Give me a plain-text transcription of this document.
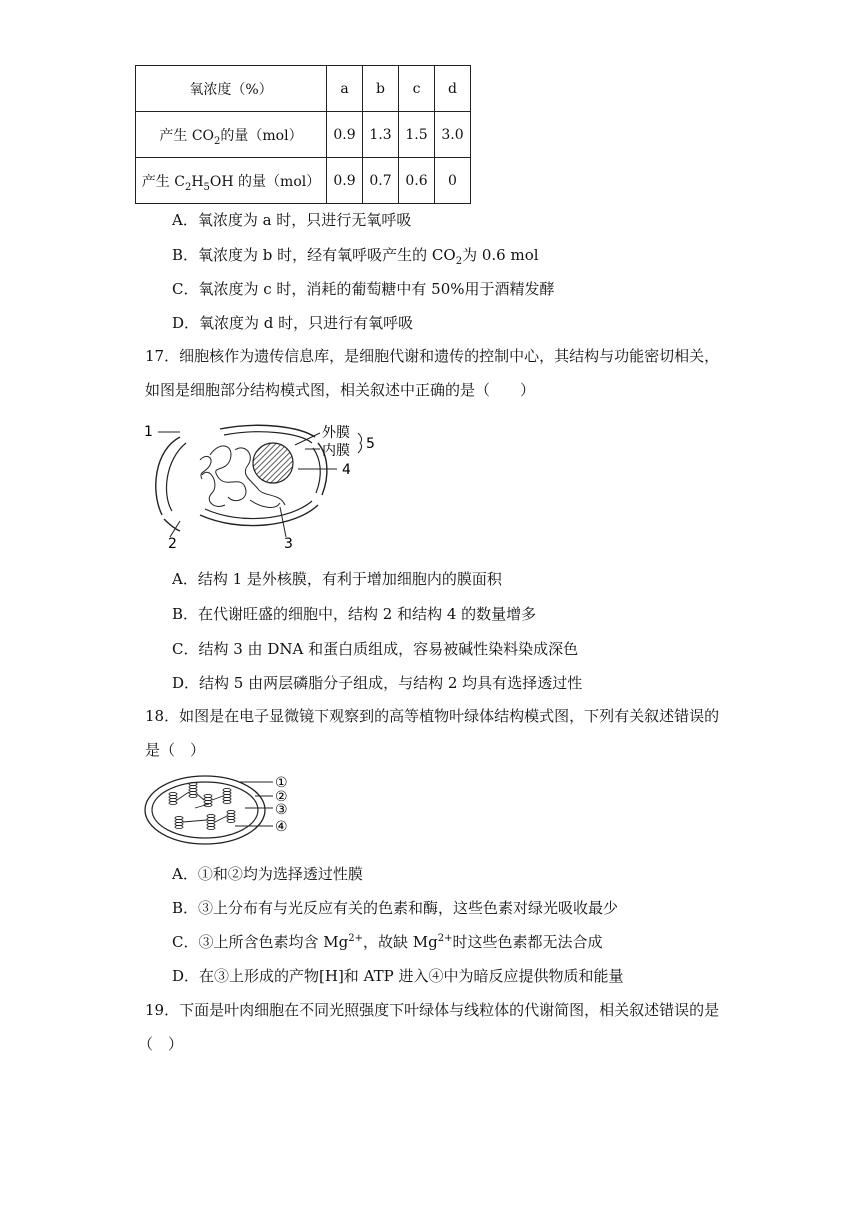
氧浓度（%）	a	b	c	d
产生 $CO_2$的量（mol）	0.9	1.3	1.5	3.0
产生 $C_2H_5OH$ 的量（mol）	0.9	0.7	0.6	0
A．氧浓度为 a 时，只进行无氧呼吸
B．氧浓度为 b 时，经有氧呼吸产生的 $CO_2$为 0.6 mol
C．氧浓度为 c 时，消耗的葡萄糖中有 50%用于酒精发酵
D．氧浓度为 d 时，只进行有氧呼吸
17．细胞核作为遗传信息库，是细胞代谢和遗传的控制中心，其结构与功能密切相关，
如图是细胞部分结构模式图，相关叙述中正确的是（　　）
1
2	3
4
5
外膜
内膜
A．结构 1 是外核膜，有利于增加细胞内的膜面积
B．在代谢旺盛的细胞中，结构 2 和结构 4 的数量增多
C．结构 3 由 DNA 和蛋白质组成，容易被碱性染料染成深色
D．结构 5 由两层磷脂分子组成，与结构 2 均具有选择透过性
18．如图是在电子显微镜下观察到的高等植物叶绿体结构模式图，下列有关叙述错误的
是（　）
①
②
③
④
A．①和②均为选择透过性膜
B．③上分布有与光反应有关的色素和酶，这些色素对绿光吸收最少
C．③上所含色素均含 $Mg^{2+}$，故缺 $Mg^{2+}$时这些色素都无法合成
D．在③上形成的产物[H]和 ATP 进入④中为暗反应提供物质和能量
19．下面是叶肉细胞在不同光照强度下叶绿体与线粒体的代谢简图，相关叙述错误的是
（　）
